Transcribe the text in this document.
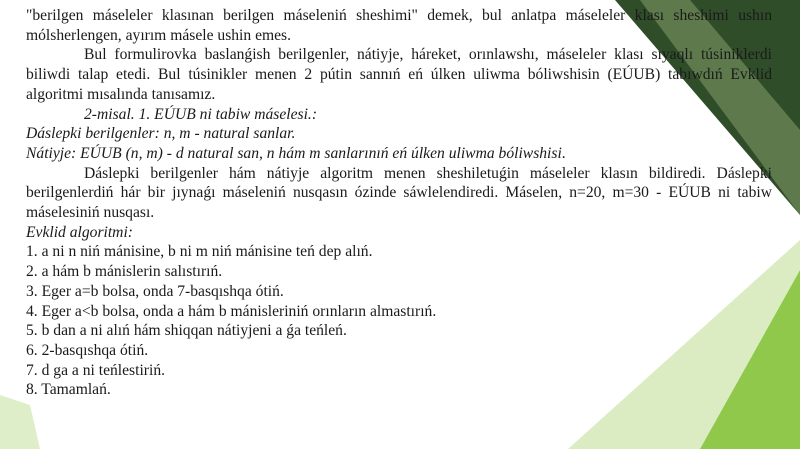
"berilgen máseleler klasınan berilgen máseleniń sheshimi" demek, bul anlatpa máseleler klası sheshimi ushın mólsherlengen, ayırım másele ushin emes.

Bul formulirovka baslanǵish berilgenler, nátiyje, háreket, orınlawshı, máseleler klası sıyaqlı túsiniklerdi biliwdi talap etedi. Bul túsinikler menen 2 pútin sannıń eń úlken uliwma bóliwshisin (EÚUB) tabıwdıń Evklid algoritmi mısalında tanısamız.

2-misal. 1. EÚUB ni tabiw máselesi.:

Dáslepki berilgenler: n, m - natural sanlar.

Nátiyje: EÚUB (n, m) - d natural san, n hám m sanlarınıń eń úlken uliwma bóliwshisi.

Dáslepki berilgenler hám nátiyje algoritm menen sheshiletuǵin máseleler klasın bildiredi. Dáslepki berilgenlerdiń hár bir jıynaǵı máseleniń nusqasın ózinde sáwlelendiredi. Máselen, n=20, m=30 - EÚUB ni tabiw máselesiniń nusqası.

Evklid algoritmi:

1. a ni n niń mánisine, b ni m niń mánisine teń dep alıń.

2. a hám b mánislerin salıstırıń.

3. Eger a=b bolsa, onda 7-basqıshqa ótiń.

4. Eger a<b bolsa, onda a hám b mánisleriniń orınların almastırıń.

5. b dan a ni alıń hám shiqqan nátiyjeni a ǵa teńleń.

6. 2-basqıshqa ótiń.

7. d ga a ni teńlestiriń.

8. Tamamlań.
